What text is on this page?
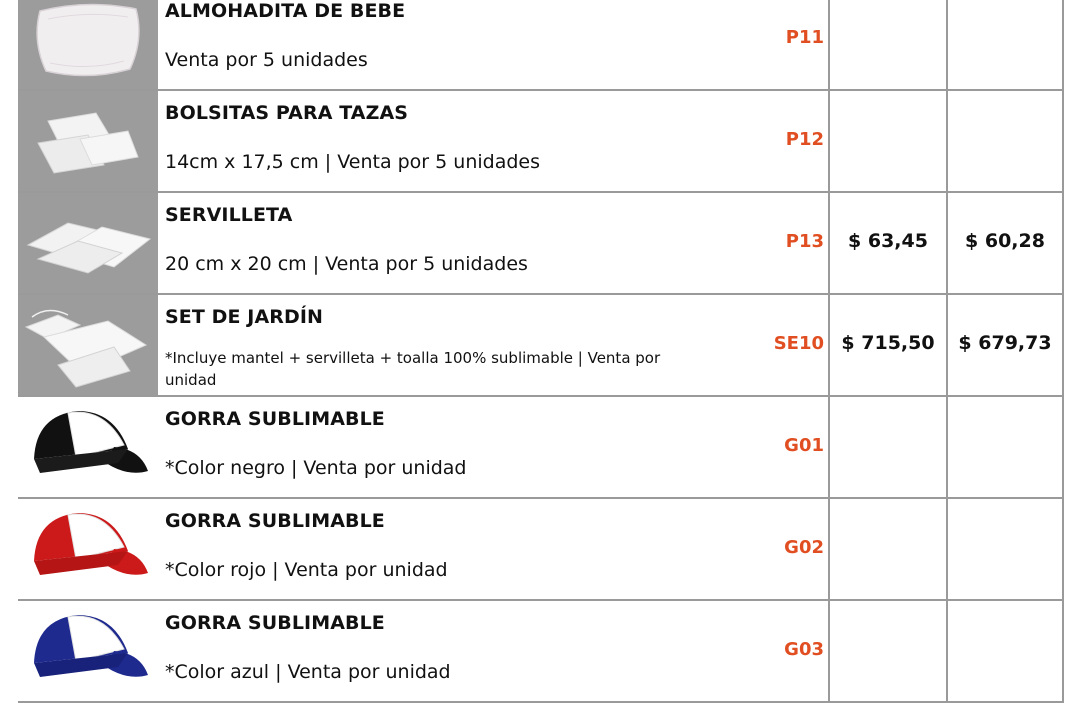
ALMOHADITA DE BEBE
Venta por 5 unidades
P11
BOLSITAS PARA TAZAS
14cm x 17,5 cm | Venta por 5 unidades
P12
SERVILLETA
20 cm x 20 cm | Venta por 5 unidades
P13	$ 63,45	$ 60,28
SET DE JARDÍN
*Incluye mantel + servilleta + toalla 100% sublimable | Venta por unidad
SE10 $ 715,50	$ 679,73
GORRA SUBLIMABLE
*Color negro | Venta por unidad
G01
GORRA SUBLIMABLE
*Color rojo | Venta por unidad
G02
GORRA SUBLIMABLE
*Color azul | Venta por unidad
G03
